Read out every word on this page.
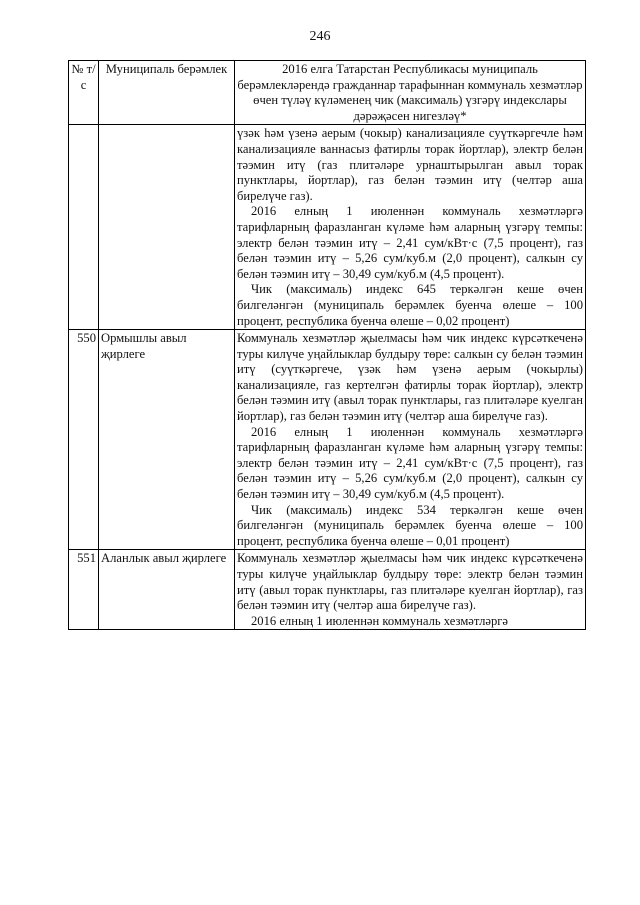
246
№ т/с	Муниципаль берәмлек	2016 елга Татарстан Республикасы муниципаль берәмлекләрендә гражданнар тарафыннан коммуналь хезмәтләр өчен түләү күләменең чик (максималь) үзгәрү индекслары дәрәҗәсен нигезләү*

		үзәк һәм үзенә аерым (чокыр) канализацияле суүткәргечле һәм канализацияле ваннасыз фатирлы торак йортлар), электр белән тәэмин итү (газ плитәләре урнаштырылган авыл торак пунктлары, йортлар), газ белән тәэмин итү (челтәр аша бирелүче газ).

2016 елның 1 июленнән коммуналь хезмәтләргә тарифларның фаразланган күләме һәм аларның үзгәрү темпы: электр белән тәэмин итү – 2,41 сум/кВт·с (7,5 процент), газ белән тәэмин итү – 5,26 сум/куб.м (2,0 процент), салкын су белән тәэмин итү – 30,49 сум/куб.м (4,5 процент).

Чик (максималь) индекс 645 теркәлгән кеше өчен билгеләнгән (муниципаль берәмлек буенча өлеше – 100 процент, республика буенча өлеше – 0,02 процент)

550	Ормышлы авыл җирлеге	Коммуналь хезмәтләр җыелмасы һәм чик индекс күрсәткеченә туры килүче уңайлыклар булдыру төре: салкын су белән тәэмин итү (суүткәргече, үзәк һәм үзенә аерым (чокырлы) канализацияле, газ кертелгән фатирлы торак йортлар), электр белән тәэмин итү (авыл торак пунктлары, газ плитәләре куелган йортлар), газ белән тәэмин итү (челтәр аша бирелүче газ).

2016 елның 1 июленнән коммуналь хезмәтләргә тарифларның фаразланган күләме һәм аларның үзгәрү темпы: электр белән тәэмин итү – 2,41 сум/кВт·с (7,5 процент), газ белән тәэмин итү – 5,26 сум/куб.м (2,0 процент), салкын су белән тәэмин итү – 30,49 сум/куб.м (4,5 процент).

Чик (максималь) индекс 534 теркәлгән кеше өчен билгеләнгән (муниципаль берәмлек буенча өлеше – 100 процент, республика буенча өлеше – 0,01 процент)

551	Аланлык авыл җирлеге	Коммуналь хезмәтләр җыелмасы һәм чик индекс күрсәткеченә туры килүче уңайлыклар булдыру төре: электр белән тәэмин итү (авыл торак пунктлары, газ плитәләре куелган йортлар), газ белән тәэмин итү (челтәр аша бирелүче газ).

2016 елның 1 июленнән коммуналь хезмәтләргә
